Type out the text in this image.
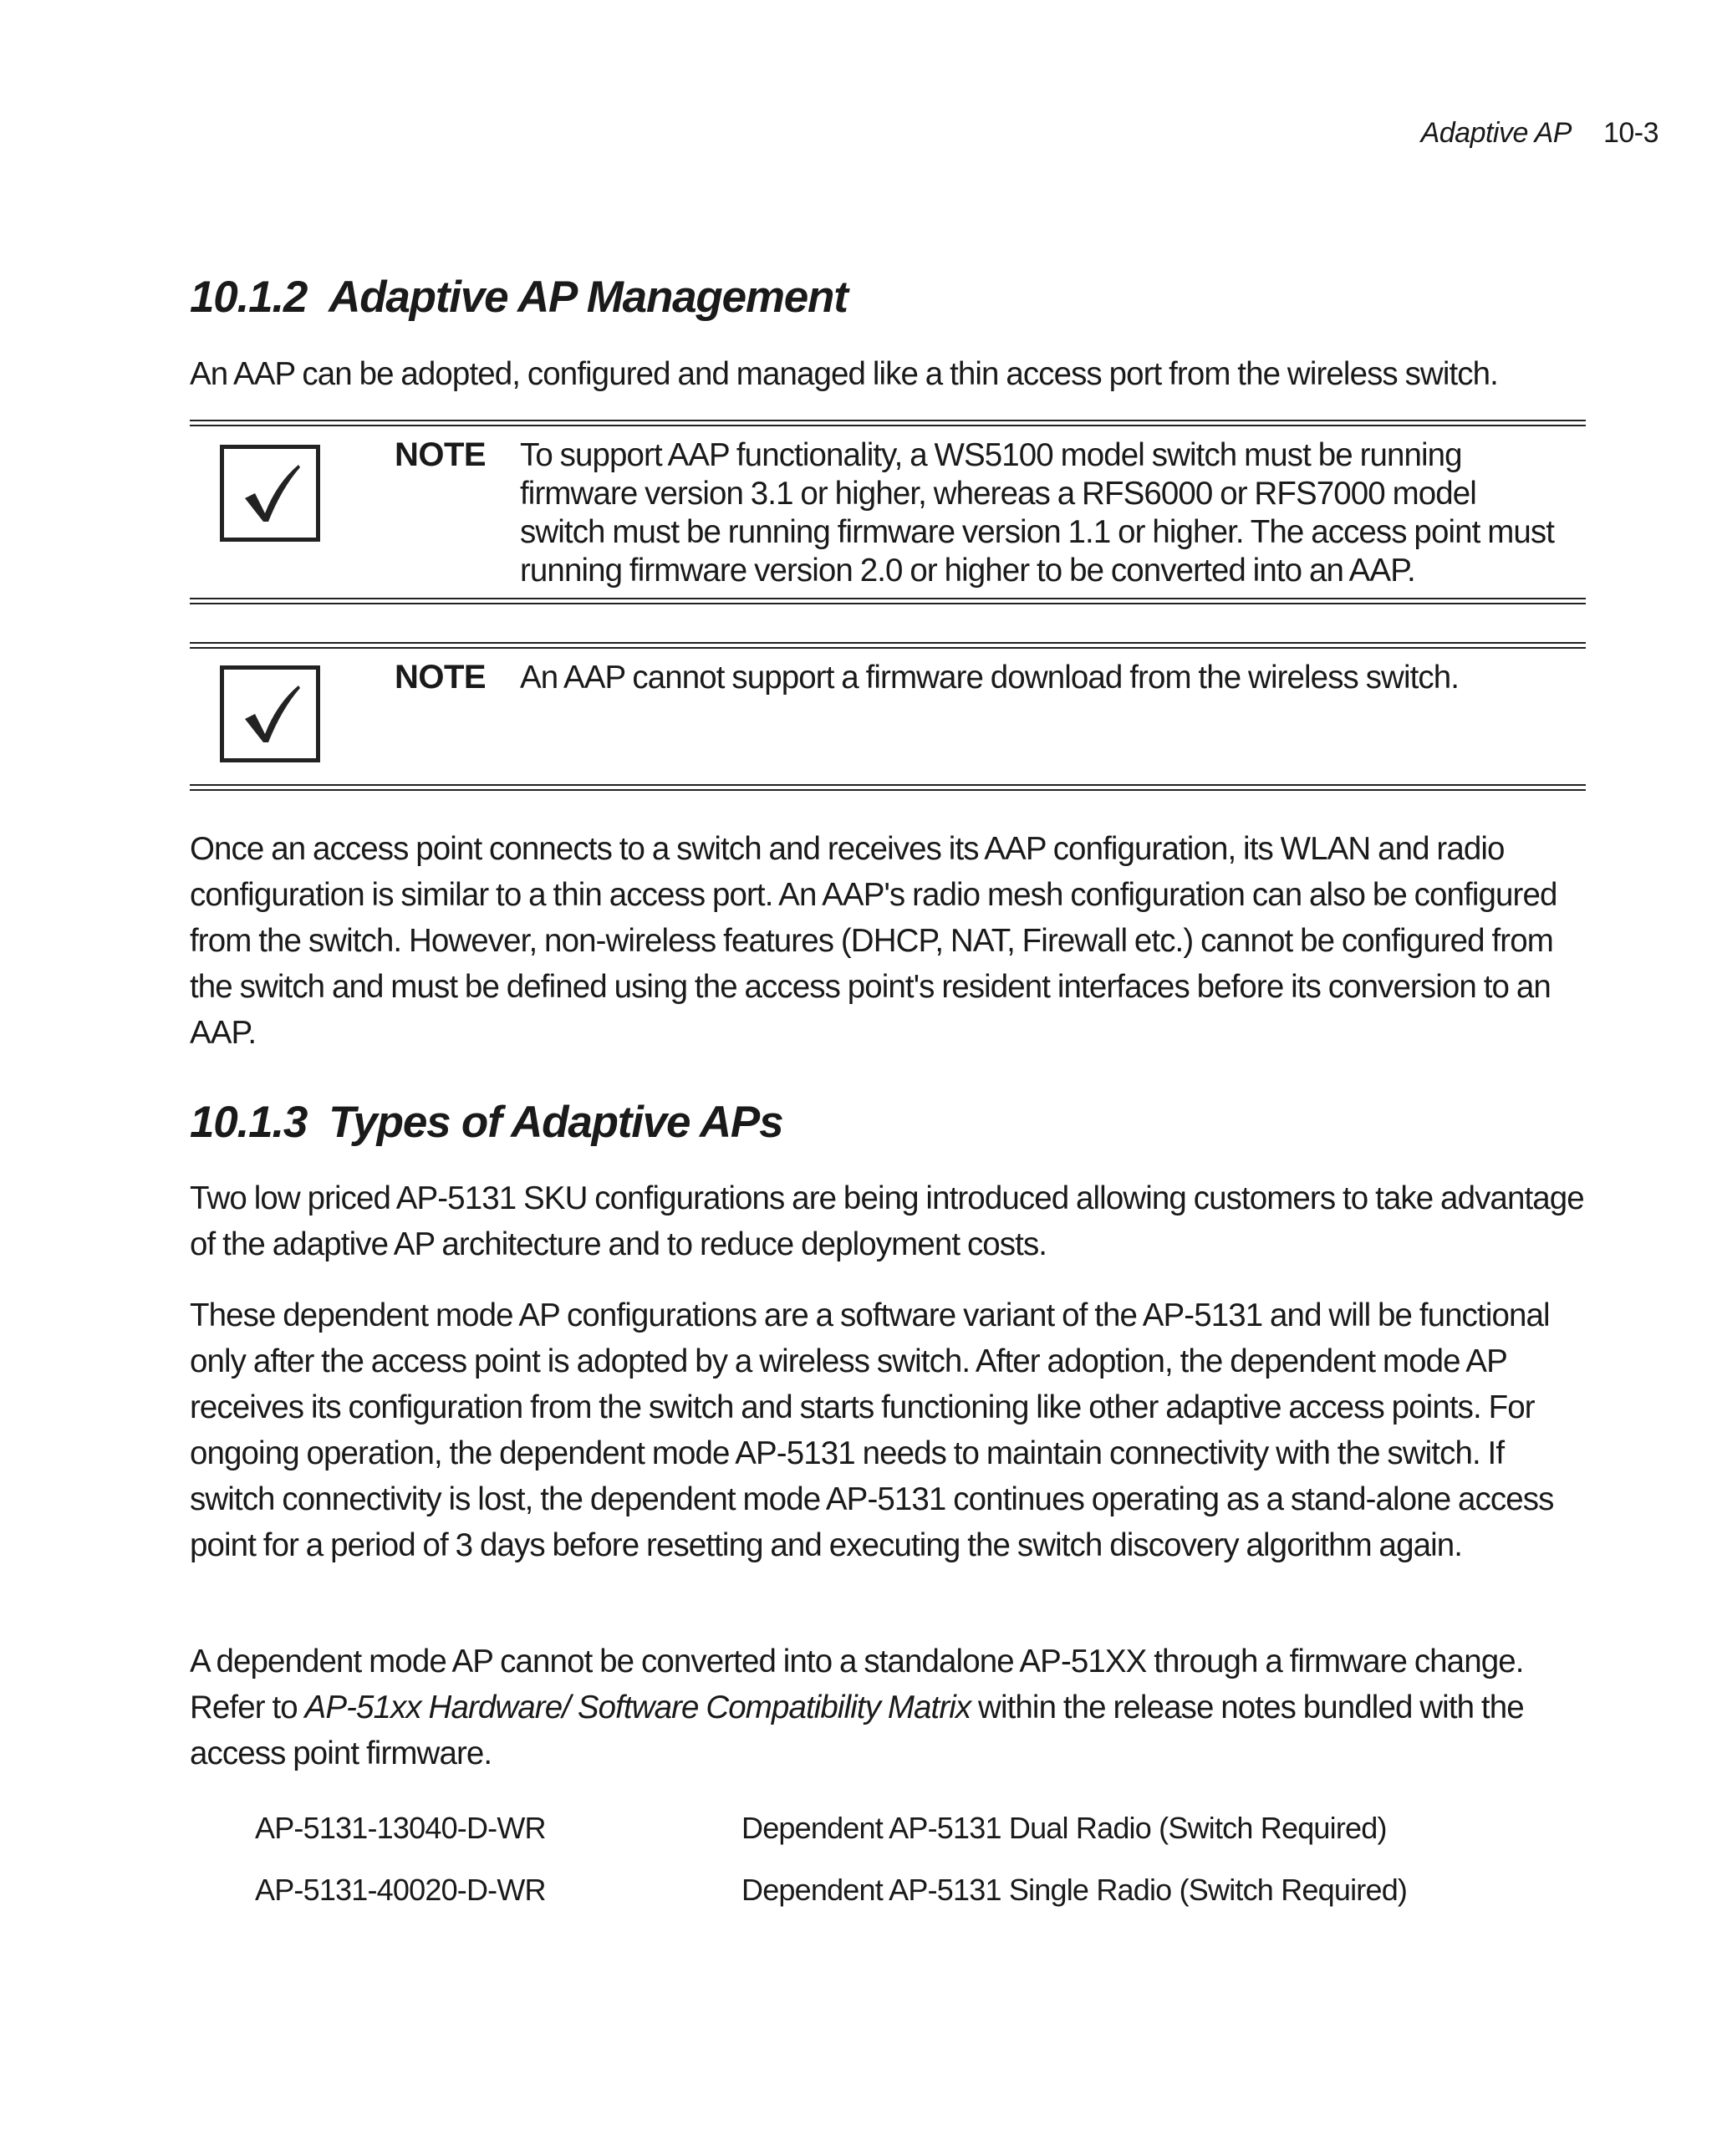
Adaptive AP 10-3
10.1.2 Adaptive AP Management

An AAP can be adopted, configured and managed like a thin access port from the wireless switch.

NOTE To support AAP functionality, a WS5100 model switch must be running firmware version 3.1 or higher, whereas a RFS6000 or RFS7000 model switch must be running firmware version 1.1 or higher. The access point must running firmware version 2.0 or higher to be converted into an AAP.
NOTE An AAP cannot support a firmware download from the wireless switch.

Once an access point connects to a switch and receives its AAP configuration, its WLAN and radio configuration is similar to a thin access port. An AAP's radio mesh configuration can also be configured from the switch. However, non-wireless features (DHCP, NAT, Firewall etc.) cannot be configured from the switch and must be defined using the access point's resident interfaces before its conversion to an AAP.

10.1.3 Types of Adaptive APs

Two low priced AP-5131 SKU configurations are being introduced allowing customers to take advantage of the adaptive AP architecture and to reduce deployment costs.

These dependent mode AP configurations are a software variant of the AP-5131 and will be functional only after the access point is adopted by a wireless switch. After adoption, the dependent mode AP receives its configuration from the switch and starts functioning like other adaptive access points. For ongoing operation, the dependent mode AP-5131 needs to maintain connectivity with the switch. If switch connectivity is lost, the dependent mode AP-5131 continues operating as a stand-alone access point for a period of 3 days before resetting and executing the switch discovery algorithm again.

A dependent mode AP cannot be converted into a standalone AP-51XX through a firmware change. Refer to AP-51xx Hardware/ Software Compatibility Matrix within the release notes bundled with the access point firmware.

AP-5131-13040-D-WR	Dependent AP-5131 Dual Radio (Switch Required)
AP-5131-40020-D-WR	Dependent AP-5131 Single Radio (Switch Required)
